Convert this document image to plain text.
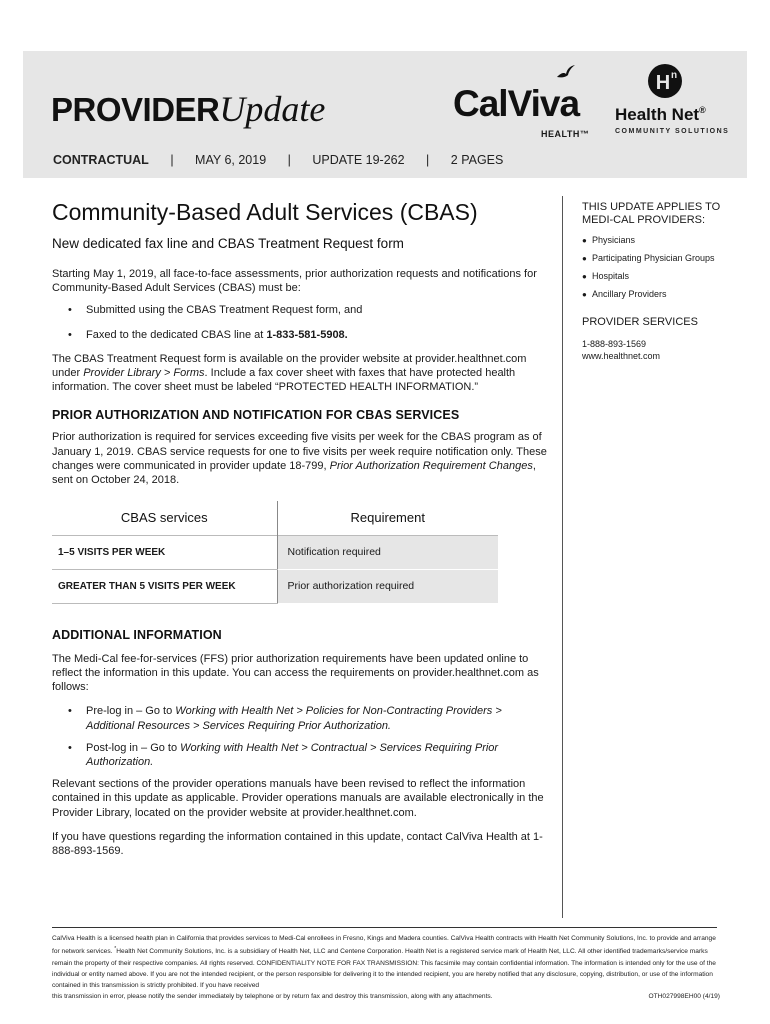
PROVIDERUpdate
CONTRACTUAL | MAY 6, 2019 | UPDATE 19-262 | 2 PAGES
CalViva
HEALTH™
H n
Health Net®
COMMUNITY SOLUTIONS
Community-Based Adult Services (CBAS)
New dedicated fax line and CBAS Treatment Request form

Starting May 1, 2019, all face-to-face assessments, prior authorization requests and notifications for Community-Based Adult Services (CBAS) must be:

• Submitted using the CBAS Treatment Request form, and
• Faxed to the dedicated CBAS line at 1-833-581-5908.

The CBAS Treatment Request form is available on the provider website at provider.healthnet.com under Provider Library > Forms. Include a fax cover sheet with faxes that have protected health information. The cover sheet must be labeled “PROTECTED HEALTH INFORMATION.”

PRIOR AUTHORIZATION AND NOTIFICATION FOR CBAS SERVICES

Prior authorization is required for services exceeding five visits per week for the CBAS program as of January 1, 2019. CBAS service requests for one to five visits per week require notification only. These changes were communicated in provider update 18-799, Prior Authorization Requirement Changes, sent on October 24, 2018.

CBAS services	Requirement
1–5 VISITS PER WEEK	Notification required
GREATER THAN 5 VISITS PER WEEK	Prior authorization required
ADDITIONAL INFORMATION

The Medi-Cal fee-for-services (FFS) prior authorization requirements have been updated online to reflect the information in this update. You can access the requirements on provider.healthnet.com as follows:

• Pre-log in – Go to Working with Health Net > Policies for Non-Contracting Providers > Additional Resources > Services Requiring Prior Authorization.
• Post-log in – Go to Working with Health Net > Contractual > Services Requiring Prior Authorization.

Relevant sections of the provider operations manuals have been revised to reflect the information contained in this update as applicable. Provider operations manuals are available electronically in the Provider Library, located on the provider website at provider.healthnet.com.

If you have questions regarding the information contained in this update, contact CalViva Health at 1-888-893-1569.

THIS UPDATE APPLIES TO MEDI-CAL PROVIDERS:
● Physicians
● Participating Physician Groups
● Hospitals
● Ancillary Providers
PROVIDER SERVICES
1-888-893-1569
www.healthnet.com
CalViva Health is a licensed health plan in California that provides services to Medi-Cal enrollees in Fresno, Kings and Madera counties. CalViva Health contracts with Health Net Community Solutions, Inc. to provide and arrange for network services. *Health Net Community Solutions, Inc. is a subsidiary of Health Net, LLC and Centene Corporation. Health Net is a registered service mark of Health Net, LLC. All other identified trademarks/service marks remain the property of their respective companies. All rights reserved. CONFIDENTIALITY NOTE FOR FAX TRANSMISSION: This facsimile may contain confidential information. The information is intended only for the use of the individual or entity named above. If you are not the intended recipient, or the person responsible for delivering it to the intended recipient, you are hereby notified that any disclosure, copying, distribution, or use of the information contained in this transmission is strictly prohibited. If you have received
this transmission in error, please notify the sender immediately by telephone or by return fax and destroy this transmission, along with any attachments.	OTH027998EH00 (4/19)
